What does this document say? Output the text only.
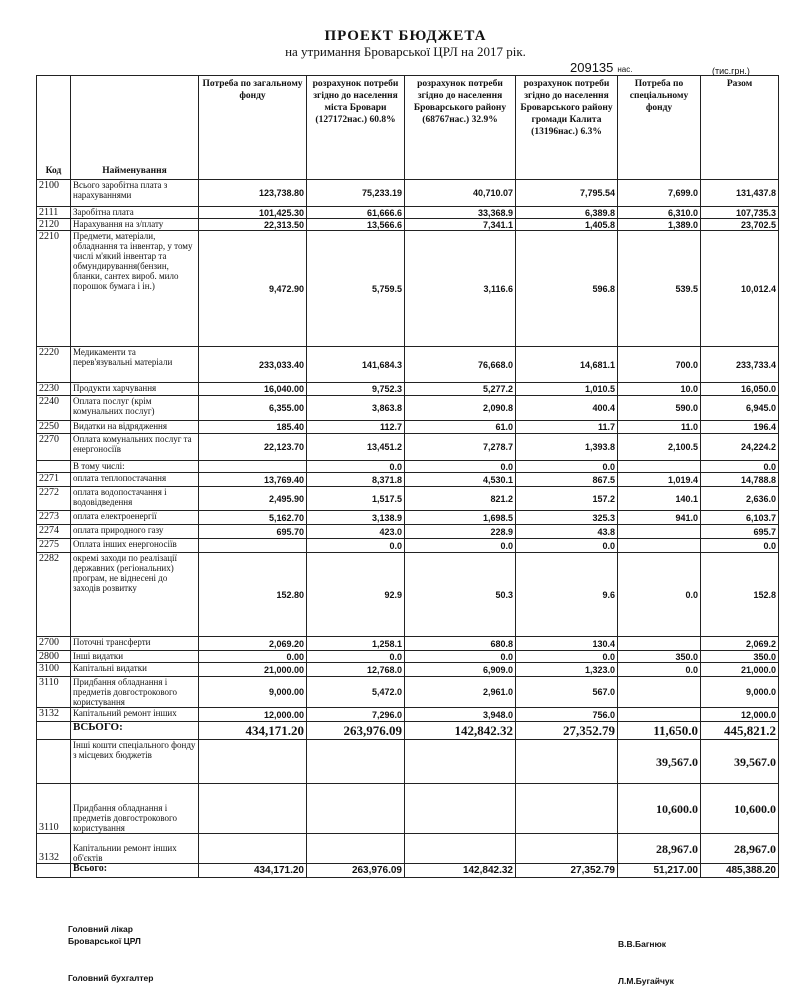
ПРОЕКТ БЮДЖЕТА
на утримання Броварської ЦРЛ на 2017 рік.
209135 нас.	(тис.грн.)
Код	Найменування	Потреба по загальному фонду	розрахунок потреби згідно до населення міста Бровари (127172нас.) 60.8%	розрахунок потреби згідно до населення Броварського району (68767нас.) 32.9%	розрахунок потреби згідно до населення Броварського району громади Калита (13196нас.) 6.3%	Потреба по спеціальному фонду	Разом
2100	Всього заробітна плата з нарахуваннями	123,738.80	75,233.19	40,710.07	7,795.54	7,699.0	131,437.8
2111	Заробітна плата	101,425.30	61,666.6	33,368.9	6,389.8	6,310.0	107,735.3
2120	Нарахування на з/плату	22,313.50	13,566.6	7,341.1	1,405.8	1,389.0	23,702.5
2210	Предмети, матеріали, обладнання та інвентар, у тому числі м'який інвентар та обмундирування(бензин, бланки, сантех вироб. мило порошок бумага і ін.)	9,472.90	5,759.5	3,116.6	596.8	539.5	10,012.4
2220	Медикаменти та перев'язувальні матеріали	233,033.40	141,684.3	76,668.0	14,681.1	700.0	233,733.4
2230	Продукти харчування	16,040.00	9,752.3	5,277.2	1,010.5	10.0	16,050.0
2240	Оплата послуг (крім комунальних послуг)	6,355.00	3,863.8	2,090.8	400.4	590.0	6,945.0
2250	Видатки на відрядження	185.40	112.7	61.0	11.7	11.0	196.4
2270	Оплата комунальних послуг та енергоносіїв	22,123.70	13,451.2	7,278.7	1,393.8	2,100.5	24,224.2
	В тому числі:		0.0	0.0	0.0		0.0
2271	оплата теплопостачання	13,769.40	8,371.8	4,530.1	867.5	1,019.4	14,788.8
2272	оплата водопостачання і водовідведення	2,495.90	1,517.5	821.2	157.2	140.1	2,636.0
2273	оплата електроенергії	5,162.70	3,138.9	1,698.5	325.3	941.0	6,103.7
2274	оплата природного газу	695.70	423.0	228.9	43.8		695.7
2275	Оплата інших енергоносіїв		0.0	0.0	0.0		0.0
2282	окремі заходи по реалізації державних (регіональних) програм, не віднесені до заходів розвитку	152.80	92.9	50.3	9.6	0.0	152.8
2700	Поточні трансферти	2,069.20	1,258.1	680.8	130.4		2,069.2
2800	Інші видатки	0.00	0.0	0.0	0.0	350.0	350.0
3100	Капітальні видатки	21,000.00	12,768.0	6,909.0	1,323.0	0.0	21,000.0
3110	Придбання обладнання і предметів довгострокового користування	9,000.00	5,472.0	2,961.0	567.0		9,000.0
3132	Капітальний ремонт інших	12,000.00	7,296.0	3,948.0	756.0		12,000.0
	ВСЬОГО:	434,171.20	263,976.09	142,842.32	27,352.79	11,650.0	445,821.2
	Інші кошти спеціального фонду з місцевих бюджетів					39,567.0	39,567.0
3110	Придбання обладнання і предметів довгострокового користування					10,600.0	10,600.0
3132	Капітальнии ремонт інших об'єктів					28,967.0	28,967.0
	Всього:	434,171.20	263,976.09	142,842.32	27,352.79	51,217.00	485,388.20
Головний лікар
Броварської ЦРЛ	В.В.Багнюк
Головний бухгалтер	Л.М.Бугайчук
